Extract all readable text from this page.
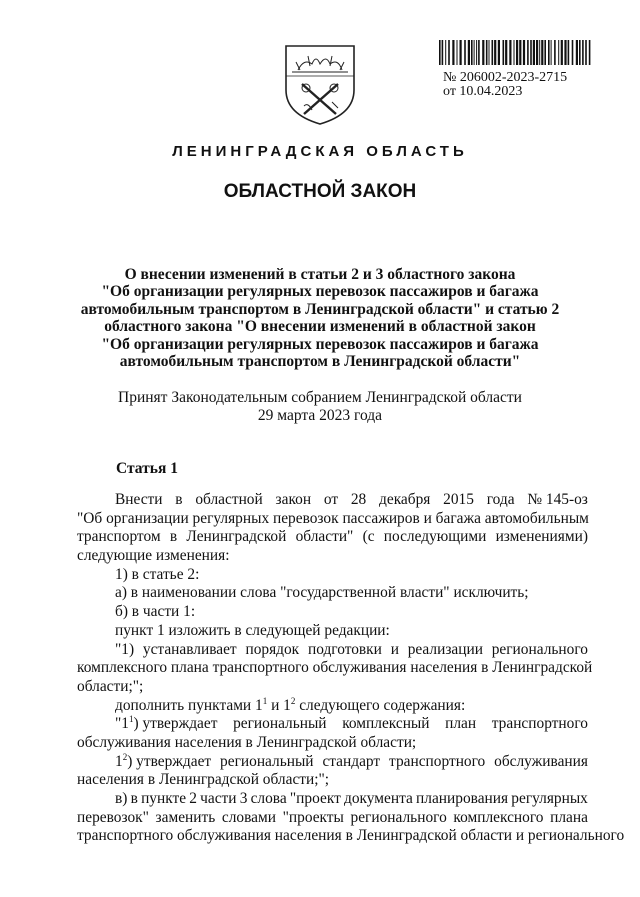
№ 206002-2023-2715
от 10.04.2023
ЛЕНИНГРАДСКАЯ ОБЛАСТЬ
ОБЛАСТНОЙ ЗАКОН
О внесении изменений в статьи 2 и 3 областного закона
"Об организации регулярных перевозок пассажиров и багажа
автомобильным транспортом в Ленинградской области" и статью 2
областного закона "О внесении изменений в областной закон
"Об организации регулярных перевозок пассажиров и багажа
автомобильным транспортом в Ленинградской области"
Принят Законодательным собранием Ленинградской области
29 марта 2023 года
Статья 1
Внести в областной закон от 28 декабря 2015 года № 145-оз
"Об организации регулярных перевозок пассажиров и багажа автомобильным
транспортом в Ленинградской области" (с последующими изменениями)
следующие изменения:
1) в статье 2:
а) в наименовании слова "государственной власти" исключить;
б) в части 1:
пункт 1 изложить в следующей редакции:
"1) устанавливает порядок подготовки и реализации регионального
комплексного плана транспортного обслуживания населения в Ленинградской
области;";
дополнить пунктами $1^1$ и $1^2$ следующего содержания:
"$1^1$) утверждает региональный комплексный план транспортного
обслуживания населения в Ленинградской области;
$1^2$) утверждает региональный стандарт транспортного обслуживания
населения в Ленинградской области;";
в) в пункте 2 части 3 слова "проект документа планирования регулярных
перевозок" заменить словами "проекты регионального комплексного плана
транспортного обслуживания населения в Ленинградской области и регионального
